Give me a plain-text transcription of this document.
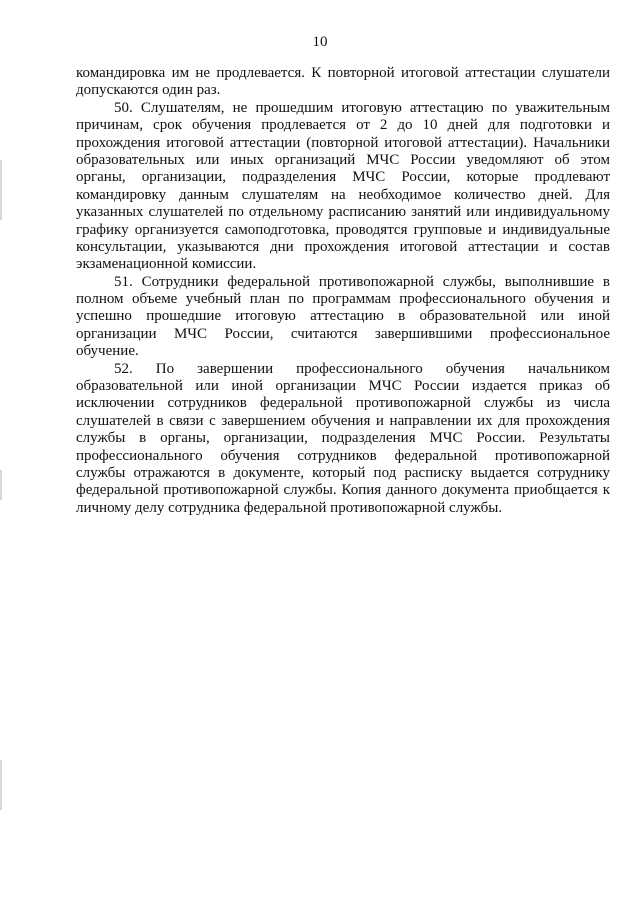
10
командировка им не продлевается. К повторной итоговой аттестации слушатели
допускаются один раз.
50. Слушателям, не прошедшим итоговую аттестацию по уважительным
причинам, срок обучения продлевается от 2 до 10 дней для подготовки и
прохождения итоговой аттестации (повторной итоговой аттестации). Начальники
образовательных или иных организаций МЧС России уведомляют об этом
органы, организации, подразделения МЧС России, которые продлевают
командировку данным слушателям на необходимое количество дней. Для
указанных слушателей по отдельному расписанию занятий или индивидуальному
графику организуется самоподготовка, проводятся групповые и индивидуальные
консультации, указываются дни прохождения итоговой аттестации и состав
экзаменационной комиссии.
51. Сотрудники федеральной противопожарной службы, выполнившие в
полном объеме учебный план по программам профессионального обучения и
успешно прошедшие итоговую аттестацию в образовательной или иной
организации МЧС России, считаются завершившими профессиональное
обучение.
52. По завершении профессионального обучения начальником
образовательной или иной организации МЧС России издается приказ об
исключении сотрудников федеральной противопожарной службы из числа
слушателей в связи с завершением обучения и направлении их для прохождения
службы в органы, организации, подразделения МЧС России. Результаты
профессионального обучения сотрудников федеральной противопожарной
службы отражаются в документе, который под расписку выдается сотруднику
федеральной противопожарной службы. Копия данного документа приобщается к
личному делу сотрудника федеральной противопожарной службы.
